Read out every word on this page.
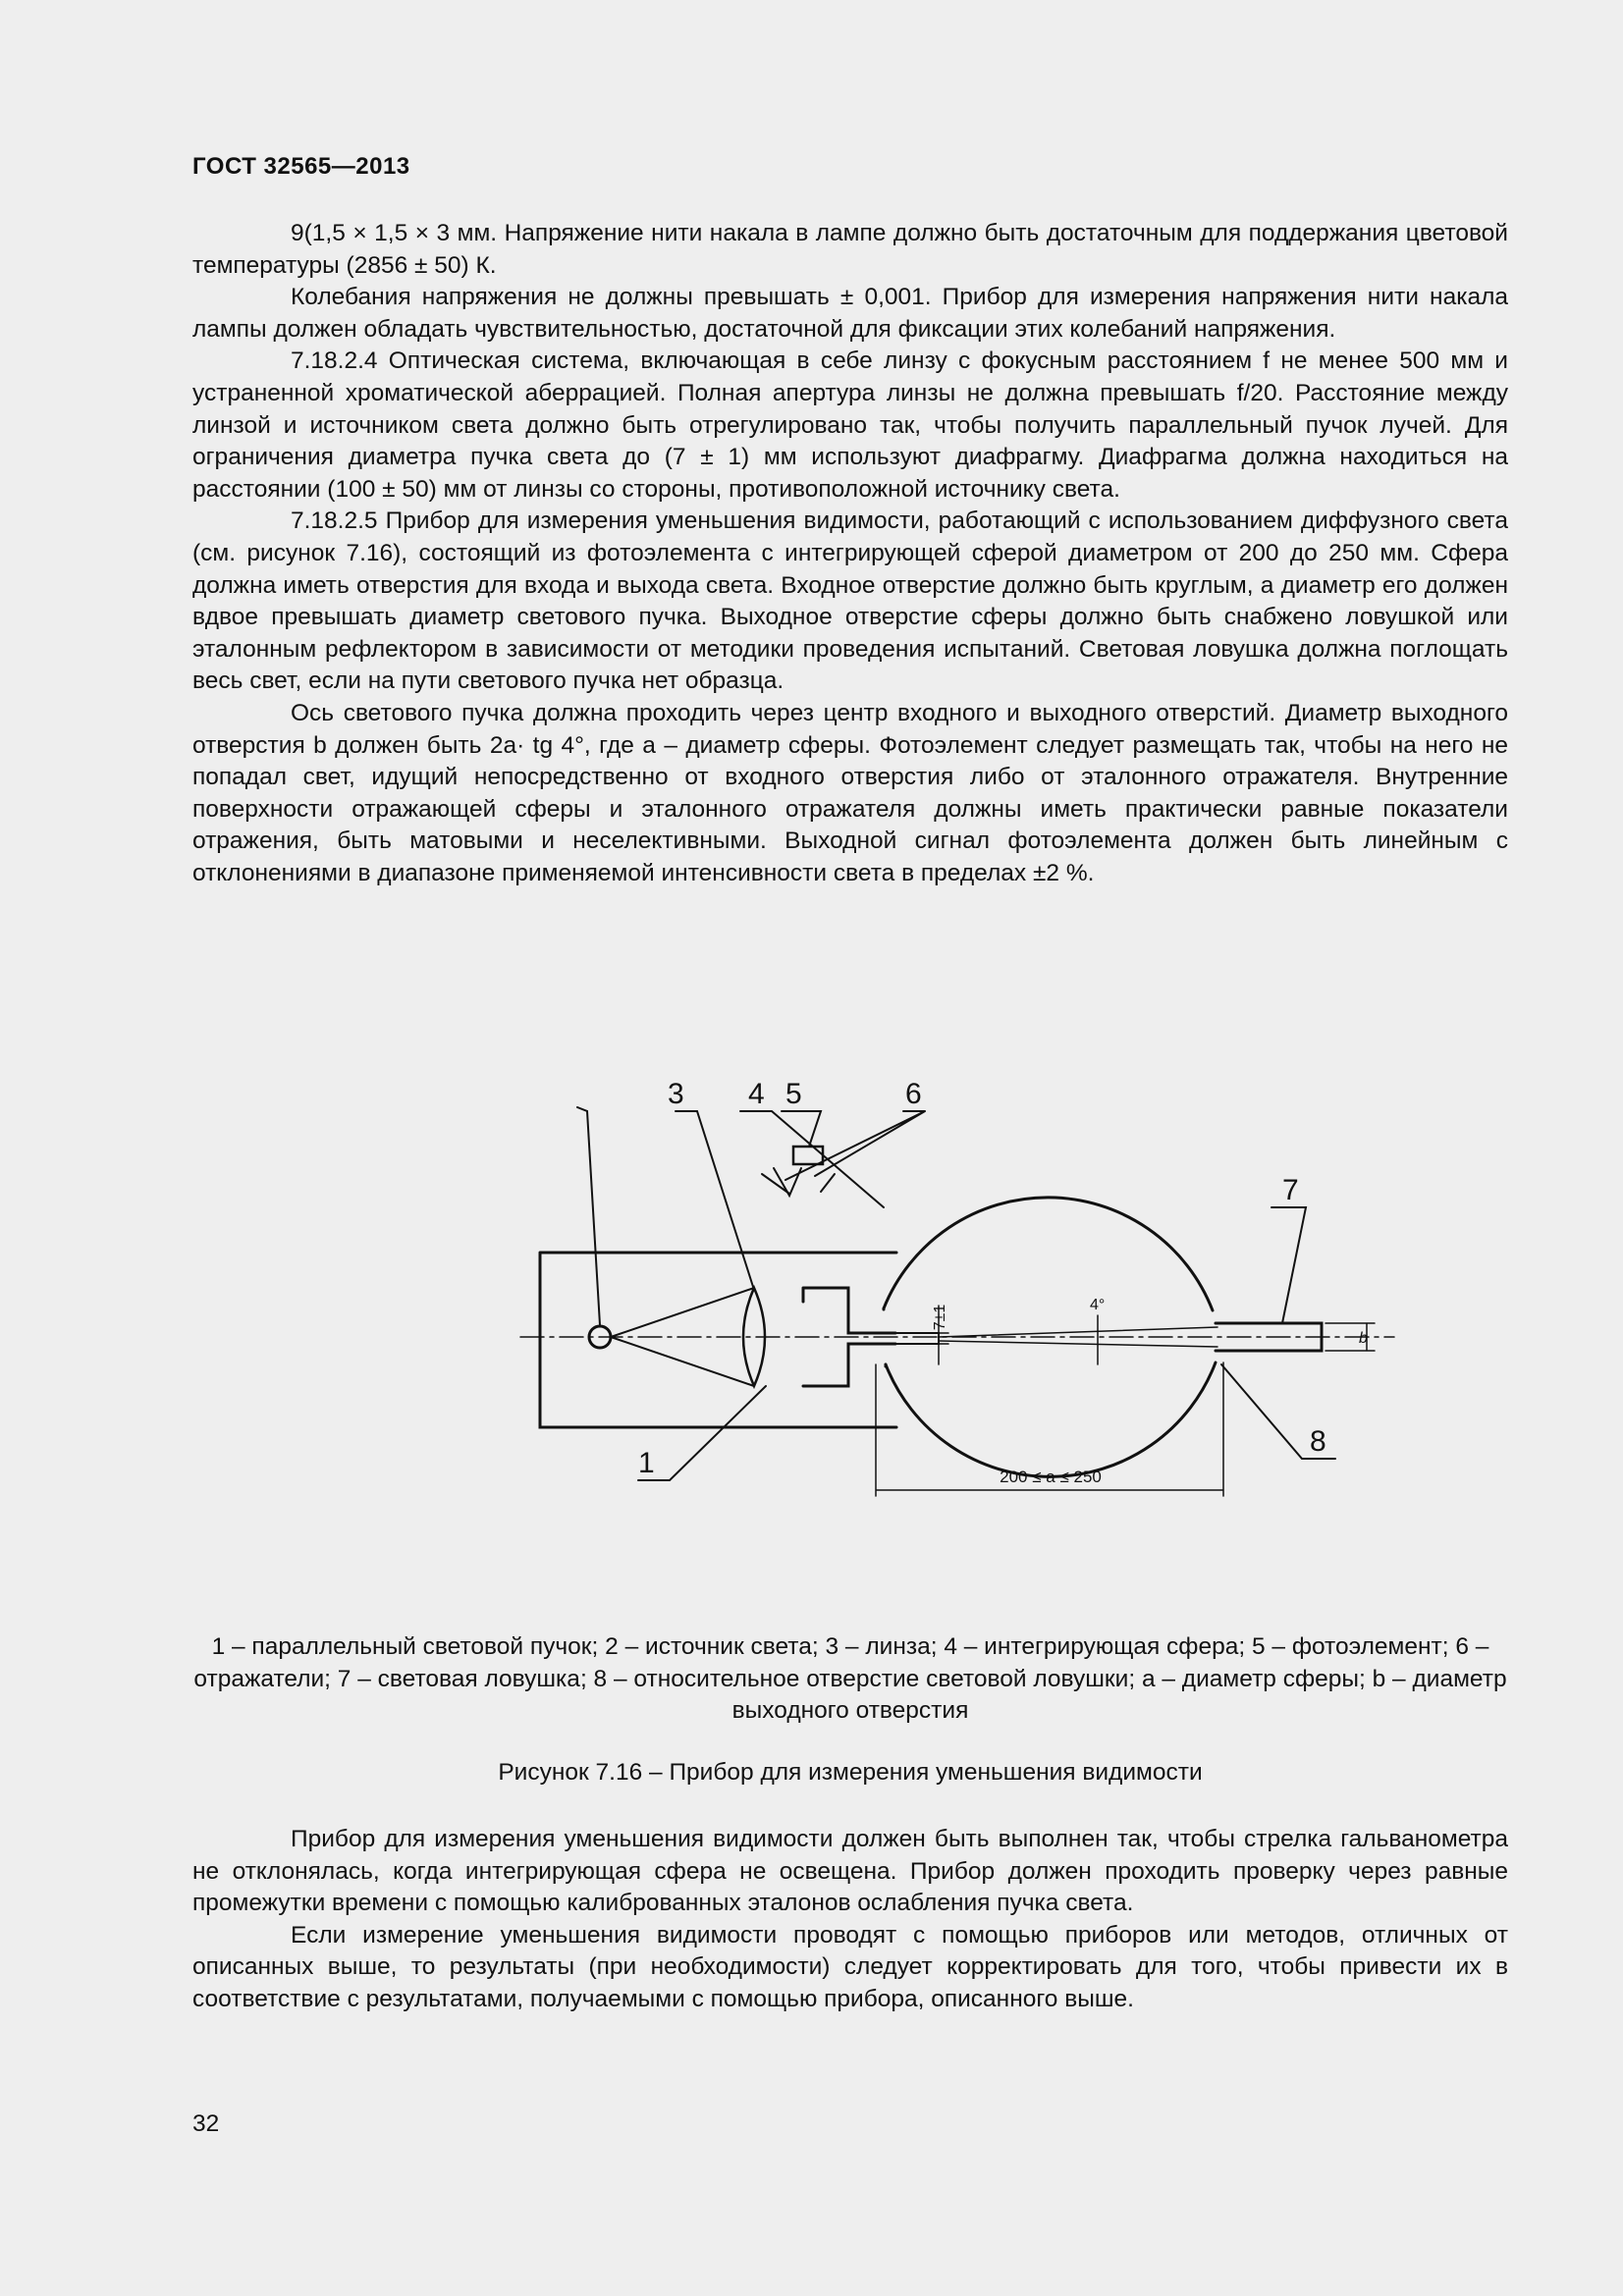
ГОСТ 32565—2013

9(1,5 × 1,5 × 3 мм. Напряжение нити накала в лампе должно быть достаточным для поддержания цветовой температуры (2856 ± 50) К.

Колебания напряжения не должны превышать ± 0,001. Прибор для измерения напряжения нити накала лампы должен обладать чувствительностью, достаточной для фиксации этих колебаний напряжения.

7.18.2.4 Оптическая система, включающая в себе линзу с фокусным расстоянием f не менее 500 мм и устраненной хроматической аберрацией. Полная апертура линзы не должна превышать f/20. Расстояние между линзой и источником света должно быть отрегулировано так, чтобы получить параллельный пучок лучей. Для ограничения диаметра пучка света до (7 ± 1) мм используют диафрагму. Диафрагма должна находиться на расстоянии (100 ± 50) мм от линзы со стороны, противоположной источнику света.

7.18.2.5 Прибор для измерения уменьшения видимости, работающий с использованием диффузного света (см. рисунок 7.16), состоящий из фотоэлемента с интегрирующей сферой диаметром от 200 до 250 мм. Сфера должна иметь отверстия для входа и выхода света. Входное отверстие должно быть круглым, а диаметр его должен вдвое превышать диаметр светового пучка. Выходное отверстие сферы должно быть снабжено ловушкой или эталонным рефлектором в зависимости от методики проведения испытаний. Световая ловушка должна поглощать весь свет, если на пути светового пучка нет образца.

Ось светового пучка должна проходить через центр входного и выходного отверстий. Диаметр выходного отверстия b должен быть 2a· tg 4°, где a – диаметр сферы. Фотоэлемент следует размещать так, чтобы на него не попадал свет, идущий непосредственно от входного отверстия либо от эталонного отражателя. Внутренние поверхности отражающей сферы и эталонного отражателя должны иметь практически равные показатели отражения, быть матовыми и неселективными. Выходной сигнал фотоэлемента должен быть линейным с отклонениями в диапазоне применяемой интенсивности света в пределах ±2 %.

7±1	4°
b
200 ≤ a ≤ 250
3 4 5	6
7
1
8
1 – параллельный световой пучок; 2 – источник света; 3 – линза; 4 – интегрирующая сфера; 5 – фотоэлемент; 6 – отражатели; 7 – световая ловушка; 8 – относительное отверстие световой ловушки; a – диаметр сферы; b – диаметр выходного отверстия
Рисунок 7.16 – Прибор для измерения уменьшения видимости

Прибор для измерения уменьшения видимости должен быть выполнен так, чтобы стрелка гальванометра не отклонялась, когда интегрирующая сфера не освещена. Прибор должен проходить проверку через равные промежутки времени с помощью калиброванных эталонов ослабления пучка света.

Если измерение уменьшения видимости проводят с помощью приборов или методов, отличных от описанных выше, то результаты (при необходимости) следует корректировать для того, чтобы привести их в соответствие с результатами, получаемыми с помощью прибора, описанного выше.

32
